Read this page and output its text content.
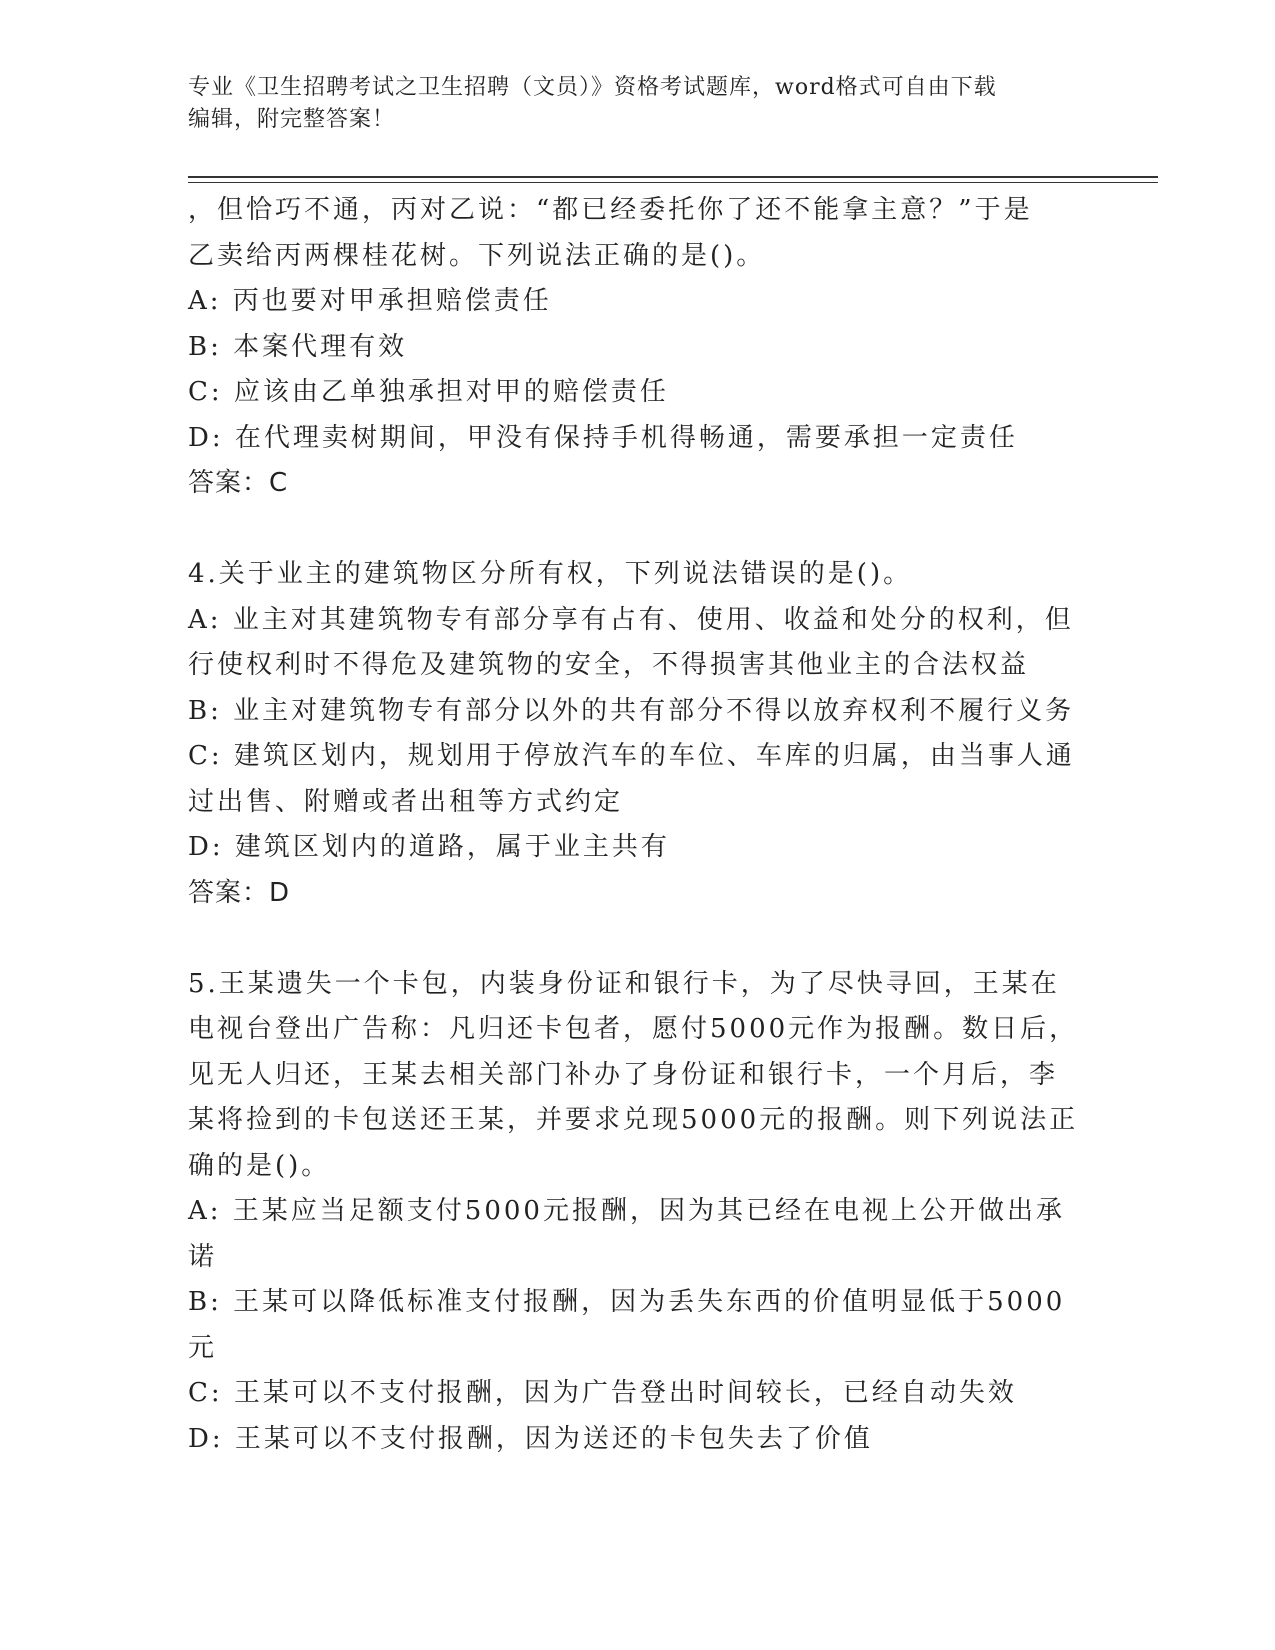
专业《卫生招聘考试之卫生招聘（文员）》资格考试题库，word格式可自由下载
编辑，附完整答案！
，但恰巧不通，丙对乙说：“都已经委托你了还不能拿主意？”于是
乙卖给丙两棵桂花树。下列说法正确的是()。
A: 丙也要对甲承担赔偿责任
B: 本案代理有效
C: 应该由乙单独承担对甲的赔偿责任
D: 在代理卖树期间，甲没有保持手机得畅通，需要承担一定责任
答案：C
4.关于业主的建筑物区分所有权，下列说法错误的是()。
A: 业主对其建筑物专有部分享有占有、使用、收益和处分的权利，但
行使权利时不得危及建筑物的安全，不得损害其他业主的合法权益
B: 业主对建筑物专有部分以外的共有部分不得以放弃权利不履行义务
C: 建筑区划内，规划用于停放汽车的车位、车库的归属，由当事人通
过出售、附赠或者出租等方式约定
D: 建筑区划内的道路，属于业主共有
答案：D
5.王某遗失一个卡包，内装身份证和银行卡，为了尽快寻回，王某在
电视台登出广告称：凡归还卡包者，愿付5000元作为报酬。数日后，
见无人归还，王某去相关部门补办了身份证和银行卡，一个月后，李
某将捡到的卡包送还王某，并要求兑现5000元的报酬。则下列说法正
确的是()。
A: 王某应当足额支付5000元报酬，因为其已经在电视上公开做出承
诺
B: 王某可以降低标准支付报酬，因为丢失东西的价值明显低于5000
元
C: 王某可以不支付报酬，因为广告登出时间较长，已经自动失效
D: 王某可以不支付报酬，因为送还的卡包失去了价值
